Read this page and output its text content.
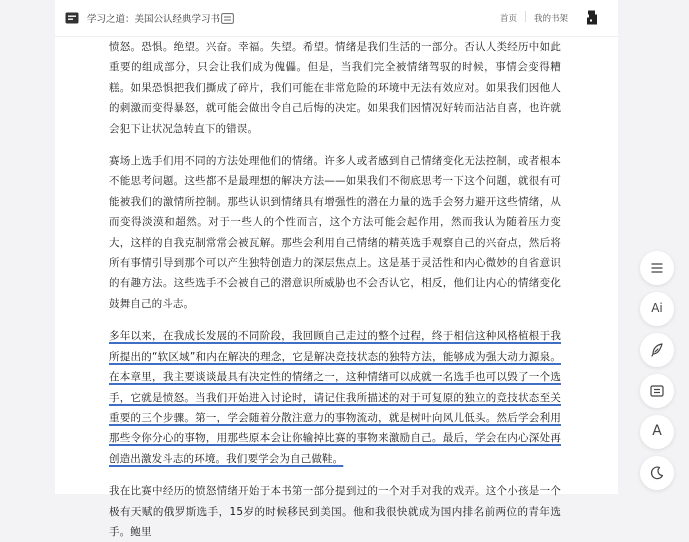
学习之道：美国公认经典学习书	首页 我的书架

愤怒。恐惧。绝望。兴奋。幸福。失望。希望。情绪是我们生活的一部分。否认人类经历中如此重要的组成部分，只会让我们成为傀儡。但是，当我们完全被情绪驾驭的时候，事情会变得糟糕。如果恐惧把我们撕成了碎片，我们可能在非常危险的环境中无法有效应对。如果我们因他人的刺激而变得暴怒，就可能会做出令自己后悔的决定。如果我们因情况好转而沾沾自喜，也许就会犯下让状况急转直下的错误。

赛场上选手们用不同的方法处理他们的情绪。许多人或者感到自己情绪变化无法控制，或者根本不能思考问题。这些都不是最理想的解决方法——如果我们不彻底思考一下这个问题，就很有可能被我们的激情所控制。那些认识到情绪具有增强性的潜在力量的选手会努力避开这些情绪，从而变得淡漠和超然。对于一些人的个性而言，这个方法可能会起作用，然而我认为随着压力变大，这样的自我克制常常会被瓦解。那些会利用自己情绪的精英选手观察自己的兴奋点，然后将所有事情引导到那个可以产生独特创造力的深层焦点上。这是基于灵活性和内心微妙的自省意识的有趣方法。这些选手不会被自己的潜意识所威胁也不会否认它，相反，他们让内心的情绪变化鼓舞自己的斗志。

多年以来，在我成长发展的不同阶段，我回顾自己走过的整个过程，终于相信这种风格植根于我所提出的“软区域”和内在解决的理念，它是解决竞技状态的独特方法，能够成为强大动力源泉。在本章里，我主要谈谈最具有决定性的情绪之一，这种情绪可以成就一名选手也可以毁了一个选手，它就是愤怒。当我们开始进入讨论时，请记住我所描述的对于可复原的独立的竞技状态至关重要的三个步骤。第一，学会随着分散注意力的事物流动，就是树叶向风儿低头。然后学会利用那些令你分心的事物，用那些原本会让你输掉比赛的事物来激励自己。最后，学会在内心深处再创造出激发斗志的环境。我们要学会为自己做鞋。

我在比赛中经历的愤怒情绪开始于本书第一部分提到过的一个对手对我的戏弄。这个小孩是一个极有天赋的俄罗斯选手，15岁的时候移民到美国。他和我很快就成为国内排名前两位的青年选手。鲍里

Ai
A
